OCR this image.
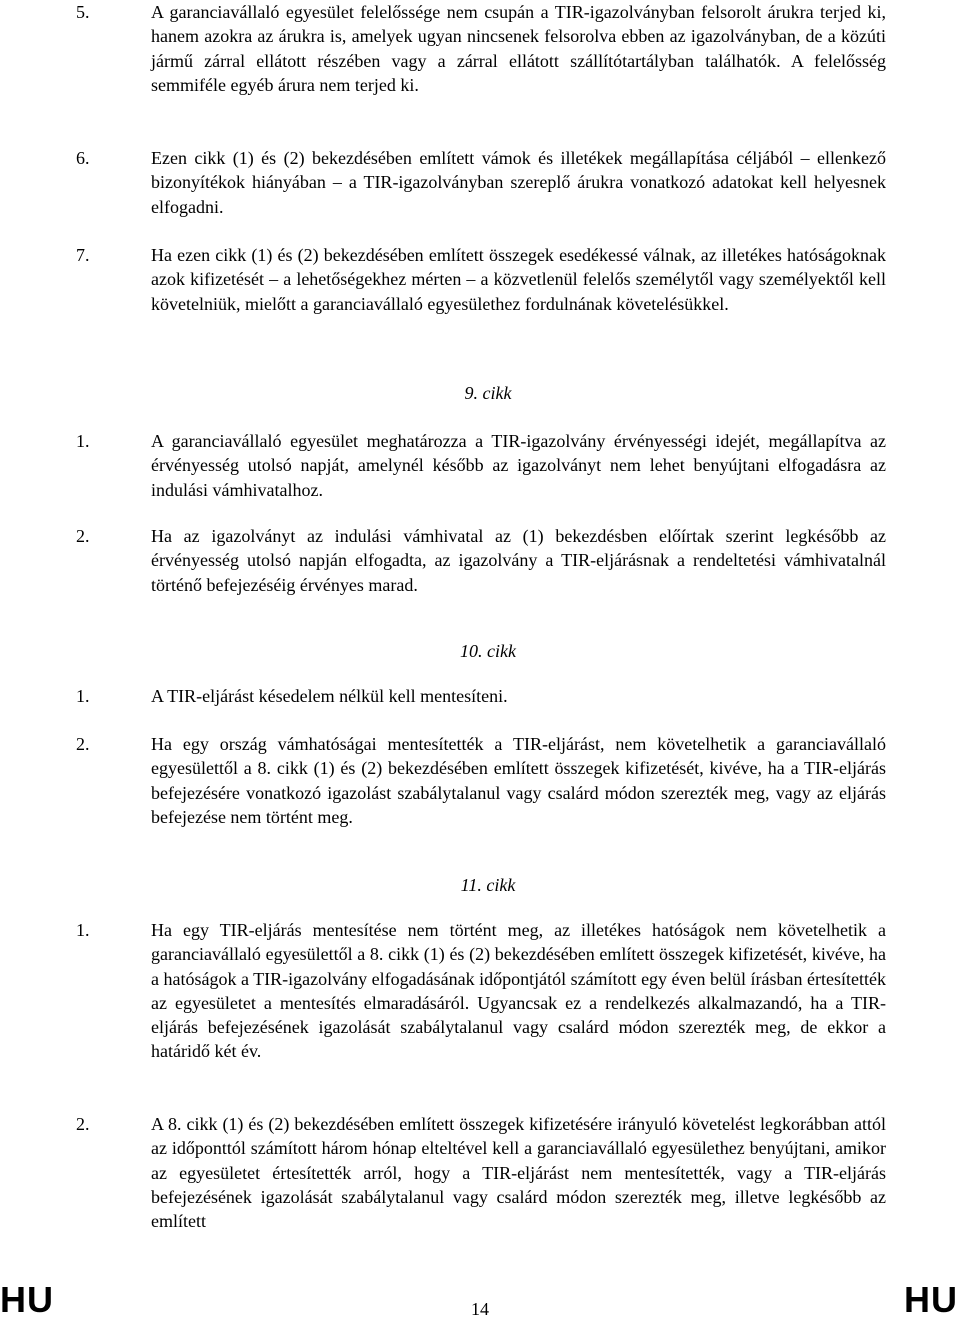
5.	A garanciavállaló egyesület felelőssége nem csupán a TIR-igazolványban felsorolt árukra terjed ki, hanem azokra az árukra is, amelyek ugyan nincsenek felsorolva ebben az igazolványban, de a közúti jármű zárral ellátott részében vagy a zárral ellátott szállítótartályban találhatók. A felelősség semmiféle egyéb árura nem terjed ki.
6.	Ezen cikk (1) és (2) bekezdésében említett vámok és illetékek megállapítása céljából – ellenkező bizonyítékok hiányában – a TIR-igazolványban szereplő árukra vonatkozó adatokat kell helyesnek elfogadni.
7.	Ha ezen cikk (1) és (2) bekezdésében említett összegek esedékessé válnak, az illetékes hatóságoknak azok kifizetését – a lehetőségekhez mérten – a közvetlenül felelős személytől vagy személyektől kell követelniük, mielőtt a garanciavállaló egyesülethez fordulnának követelésükkel.
9. cikk
1.	A garanciavállaló egyesület meghatározza a TIR-igazolvány érvényességi idejét, megállapítva az érvényesség utolsó napját, amelynél később az igazolványt nem lehet benyújtani elfogadásra az indulási vámhivatalhoz.
2.	Ha az igazolványt az indulási vámhivatal az (1) bekezdésben előírtak szerint legkésőbb az érvényesség utolsó napján elfogadta, az igazolvány a TIR-eljárásnak a rendeltetési vámhivatalnál történő befejezéséig érvényes marad.
10. cikk
1.	A TIR-eljárást késedelem nélkül kell mentesíteni.
2.	Ha egy ország vámhatóságai mentesítették a TIR-eljárást, nem követelhetik a garanciavállaló egyesülettől a 8. cikk (1) és (2) bekezdésében említett összegek kifizetését, kivéve, ha a TIR-eljárás befejezésére vonatkozó igazolást szabálytalanul vagy csalárd módon szerezték meg, vagy az eljárás befejezése nem történt meg.
11. cikk
1.	Ha egy TIR-eljárás mentesítése nem történt meg, az illetékes hatóságok nem követelhetik a garanciavállaló egyesülettől a 8. cikk (1) és (2) bekezdésében említett összegek kifizetését, kivéve, ha a hatóságok a TIR-igazolvány elfogadásának időpontjától számított egy éven belül írásban értesítették az egyesületet a mentesítés elmaradásáról. Ugyancsak ez a rendelkezés alkalmazandó, ha a TIR-eljárás befejezésének igazolását szabálytalanul vagy csalárd módon szerezték meg, de ekkor a határidő két év.
2.	A 8. cikk (1) és (2) bekezdésében említett összegek kifizetésére irányuló követelést legkorábban attól az időponttól számított három hónap elteltével kell a garanciavállaló egyesülethez benyújtani, amikor az egyesületet értesítették arról, hogy a TIR-eljárást nem mentesítették, vagy a TIR-eljárás befejezésének igazolását szabálytalanul vagy csalárd módon szerezték meg, illetve legkésőbb az említett
HU	14	HU
